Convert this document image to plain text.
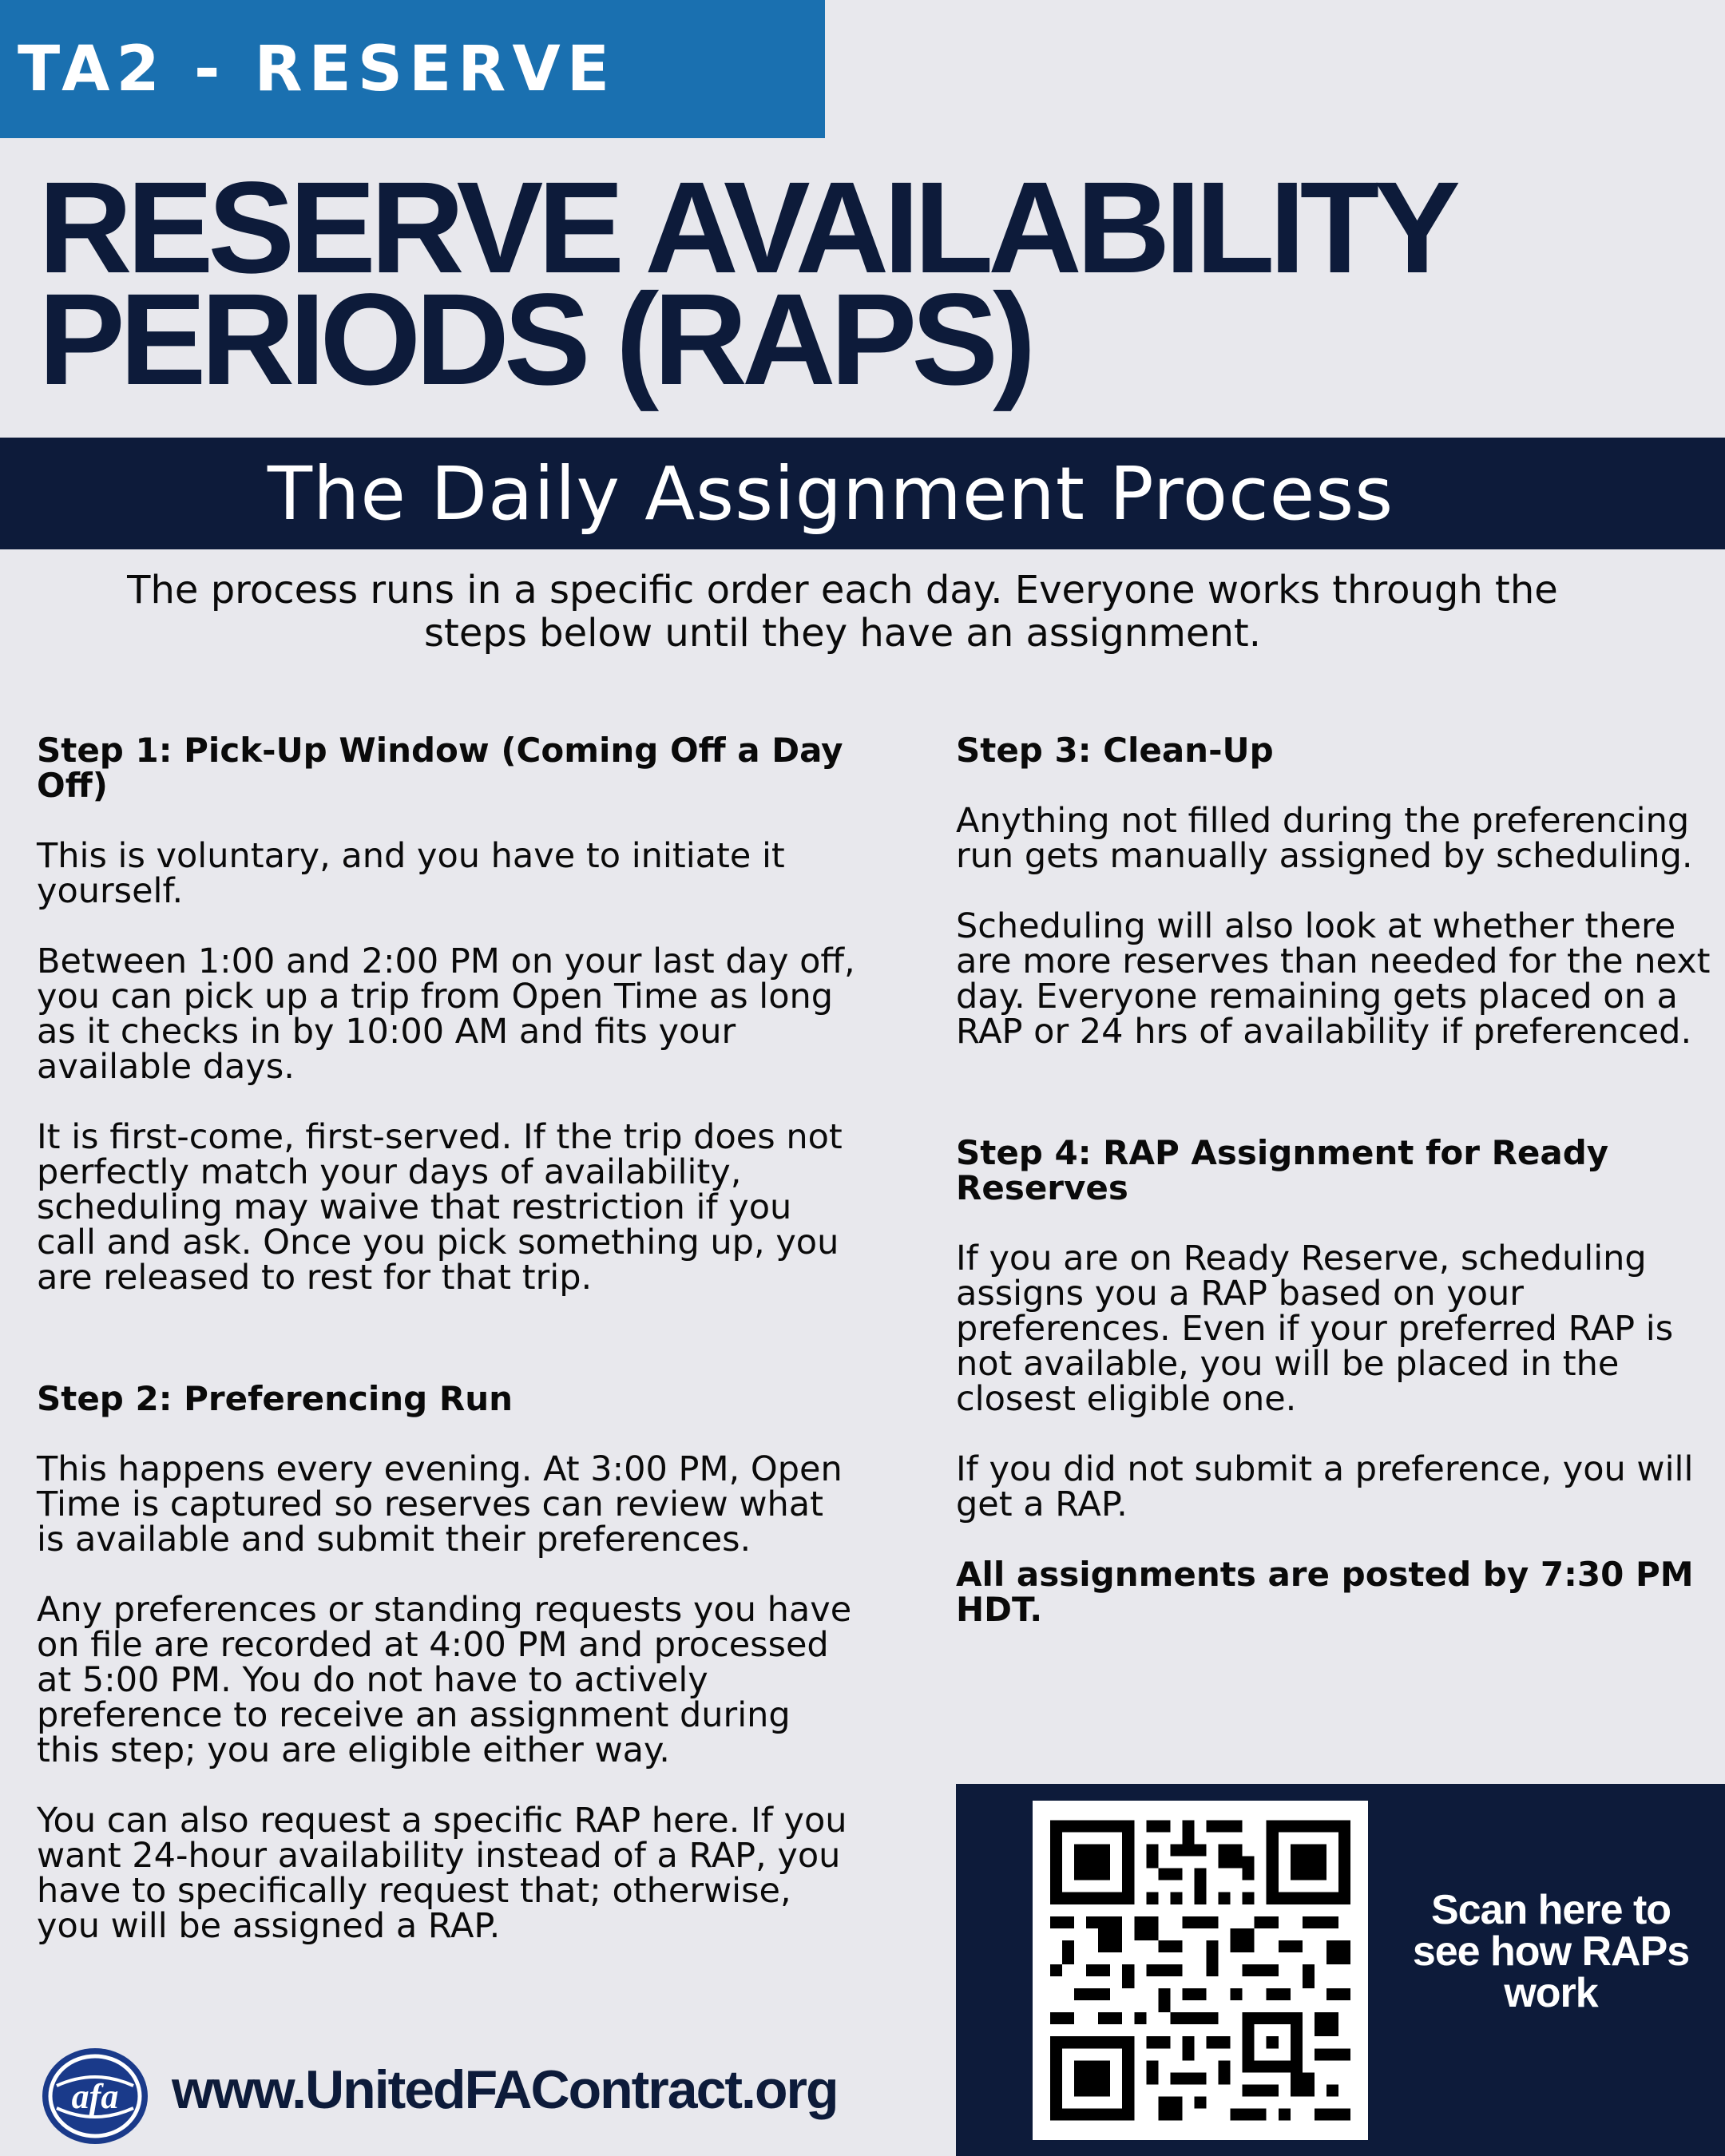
TA2 - RESERVE
RESERVE AVAILABILITY
PERIODS (RAPS)
The Daily Assignment Process

The process runs in a specific order each day. Everyone works through the steps below until they have an assignment.

Step 1: Pick-Up Window (Coming Off a Day Off)

This is voluntary, and you have to initiate it yourself.

Between 1:00 and 2:00 PM on your last day off, you can pick up a trip from Open Time as long as it checks in by 10:00 AM and fits your available days.

It is first-come, first-served. If the trip does not perfectly match your days of availability, scheduling may waive that restriction if you call and ask. Once you pick something up, you are released to rest for that trip.

Step 2: Preferencing Run

This happens every evening. At 3:00 PM, Open Time is captured so reserves can review what is available and submit their preferences.

Any preferences or standing requests you have on file are recorded at 4:00 PM and processed at 5:00 PM. You do not have to actively preference to receive an assignment during this step; you are eligible either way.

You can also request a specific RAP here. If you want 24-hour availability instead of a RAP, you have to specifically request that; otherwise, you will be assigned a RAP.

Step 3: Clean-Up

Anything not filled during the preferencing run gets manually assigned by scheduling.

Scheduling will also look at whether there are more reserves than needed for the next day. Everyone remaining gets placed on a RAP or 24 hrs of availability if preferenced.

Step 4: RAP Assignment for Ready Reserves

If you are on Ready Reserve, scheduling assigns you a RAP based on your preferences. Even if your preferred RAP is not available, you will be placed in the closest eligible one.

If you did not submit a preference, you will get a RAP.

All assignments are posted by 7:30 PM HDT.

Scan here to see how RAPs work

afa www.UnitedFAContract.org
